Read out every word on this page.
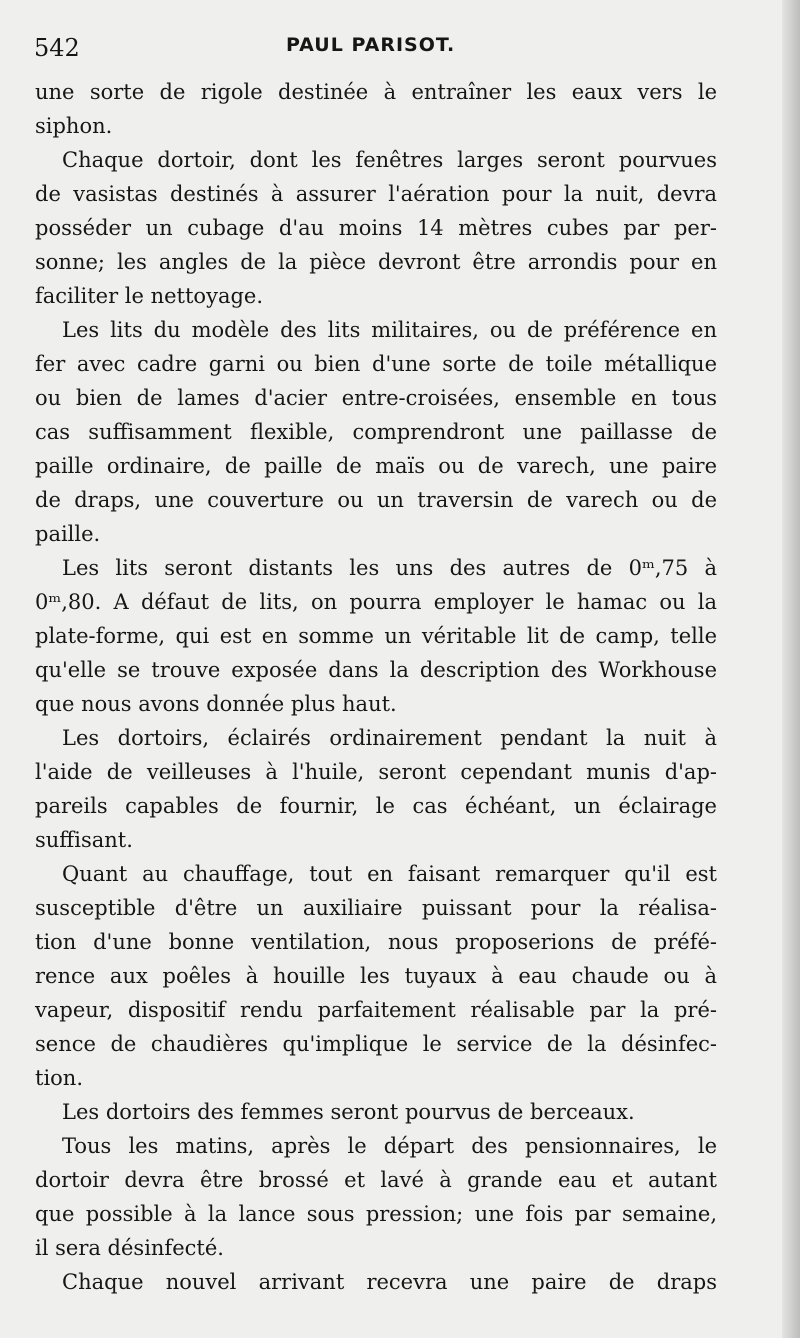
542	PAUL PARISOT.
une sorte de rigole destinée à entraîner les eaux vers le
siphon.
Chaque dortoir, dont les fenêtres larges seront pourvues
de vasistas destinés à assurer l'aération pour la nuit, devra
posséder un cubage d'au moins 14 mètres cubes par per-
sonne; les angles de la pièce devront être arrondis pour en
faciliter le nettoyage.
Les lits du modèle des lits militaires, ou de préférence en
fer avec cadre garni ou bien d'une sorte de toile métallique
ou bien de lames d'acier entre-croisées, ensemble en tous
cas suffisamment flexible, comprendront une paillasse de
paille ordinaire, de paille de maïs ou de varech, une paire
de draps, une couverture ou un traversin de varech ou de
paille.
Les lits seront distants les uns des autres de 0ᵐ,75 à
0ᵐ,80. A défaut de lits, on pourra employer le hamac ou la
plate-forme, qui est en somme un véritable lit de camp, telle
qu'elle se trouve exposée dans la description des Workhouse
que nous avons donnée plus haut.
Les dortoirs, éclairés ordinairement pendant la nuit à
l'aide de veilleuses à l'huile, seront cependant munis d'ap-
pareils capables de fournir, le cas échéant, un éclairage
suffisant.
Quant au chauffage, tout en faisant remarquer qu'il est
susceptible d'être un auxiliaire puissant pour la réalisa-
tion d'une bonne ventilation, nous proposerions de préfé-
rence aux poêles à houille les tuyaux à eau chaude ou à
vapeur, dispositif rendu parfaitement réalisable par la pré-
sence de chaudières qu'implique le service de la désinfec-
tion.
Les dortoirs des femmes seront pourvus de berceaux.
Tous les matins, après le départ des pensionnaires, le
dortoir devra être brossé et lavé à grande eau et autant
que possible à la lance sous pression; une fois par semaine,
il sera désinfecté.
Chaque nouvel arrivant recevra une paire de draps
